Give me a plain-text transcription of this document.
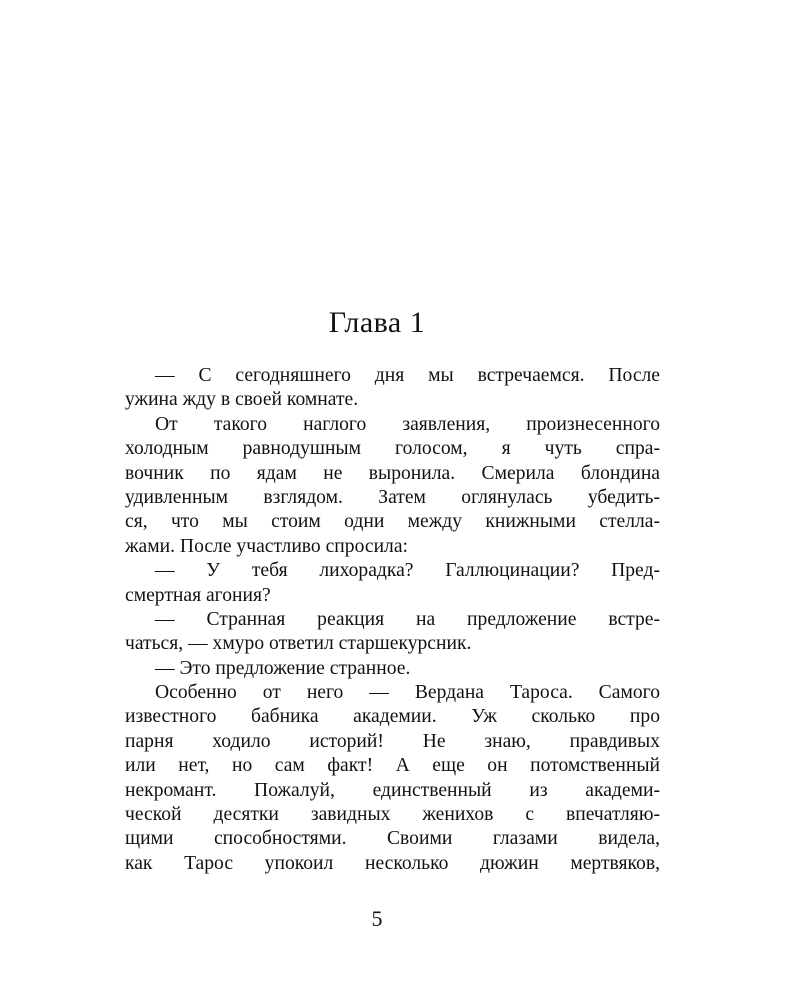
Глава 1
— С сегодняшнего дня мы встречаемся. После
ужина жду в своей комнате.
От такого наглого заявления, произнесенного
холодным равнодушным голосом, я чуть спра-
вочник по ядам не выронила. Смерила блондина
удивленным взглядом. Затем оглянулась убедить-
ся, что мы стоим одни между книжными стелла-
жами. После участливо спросила:
— У тебя лихорадка? Галлюцинации? Пред-
смертная агония?
— Странная реакция на предложение встре-
чаться, — хмуро ответил старшекурсник.
— Это предложение странное.
Особенно от него — Вердана Тароса. Самого
известного бабника академии. Уж сколько про
парня ходило историй! Не знаю, правдивых
или нет, но сам факт! А еще он потомственный
некромант. Пожалуй, единственный из академи-
ческой десятки завидных женихов с впечатляю-
щими способностями. Своими глазами видела,
как Тарос упокоил несколько дюжин мертвяков,
5
